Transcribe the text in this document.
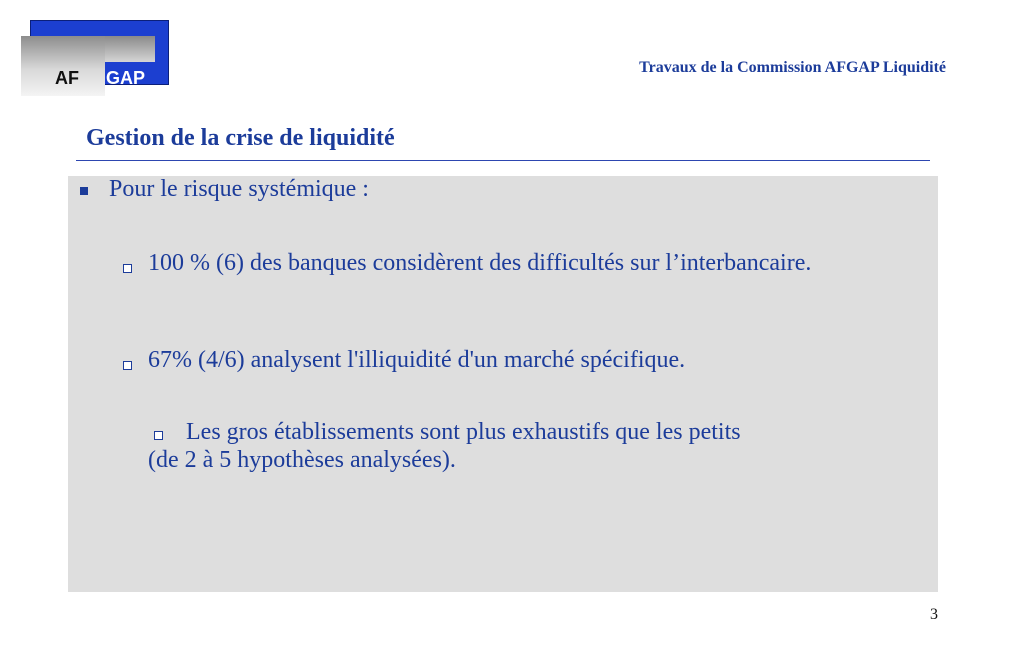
AF GAP
Travaux de la Commission AFGAP Liquidité
Gestion de la crise de liquidité
Pour le risque systémique :
100 % (6) des banques considèrent des difficultés sur l’interbancaire.
67% (4/6) analysent l'illiquidité d'un marché spécifique.
Les gros établissements sont plus exhaustifs que les petits
(de 2 à 5 hypothèses analysées).
3
